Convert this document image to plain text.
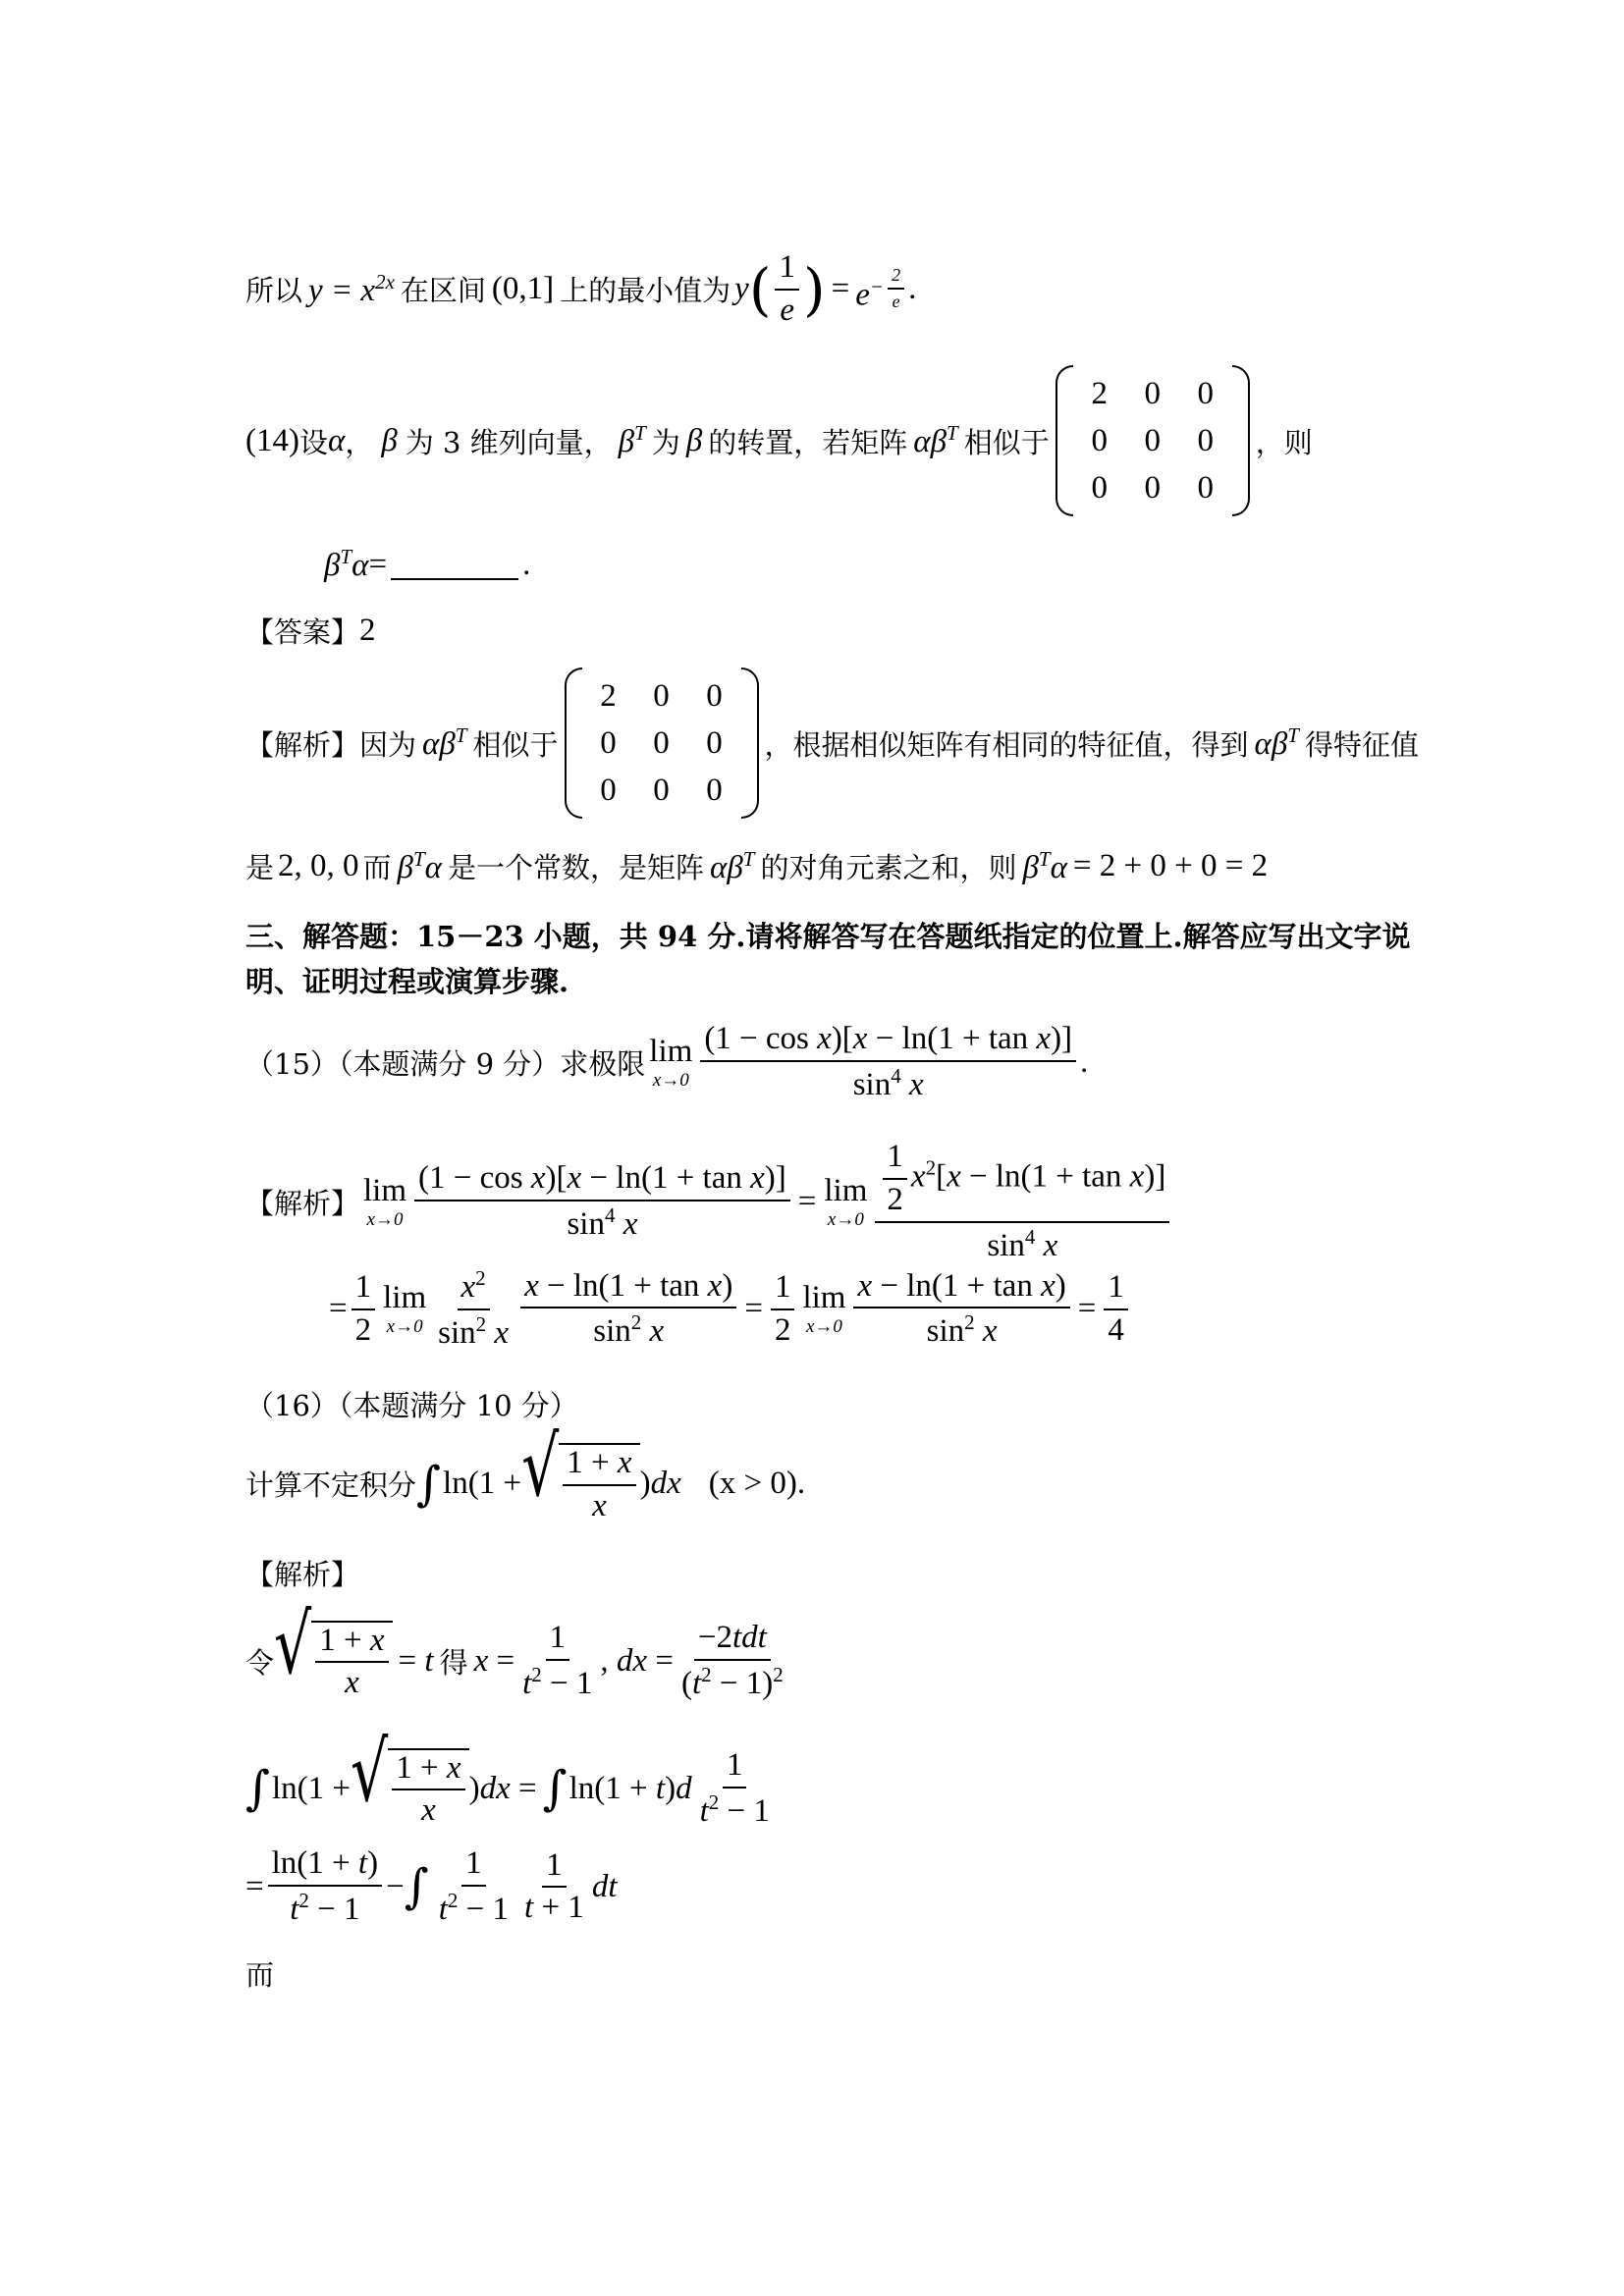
所以 $y = x^{2x}$ 在区间 (0,1] 上的最小值为 y ( $\frac{1}{e}$ ) = $e^{- \frac{2}{e}}$ .
(14) 设 α ， β 为 3 维列向量， $\beta^T$ 为 β 的转置，若矩阵 $\alpha\beta^T$ 相似于
2	0	0
0	0	0
0	0	0
，则
$\beta^T\alpha$ =	.
【答案】 2
【解析】 因为 $\alpha\beta^T$ 相似于
2	0	0
0	0	0
0	0	0
，根据相似矩阵有相同的特征值，得到 $\alpha\beta^T$ 得特征值
是 2, 0, 0 而 $\beta^T\alpha$ 是一个常数，是矩阵 $\alpha\beta^T$ 的对角元素之和，则 $\beta^T\alpha = 2 + 0 + 0 = 2$
三、解答题：15－23 小题，共 94 分.请将解答写在答题纸指定的位置上.解答应写出文字说
明、证明过程或演算步骤.
（15）（本题满分 9 分）求极限 lim
$x\to 0 \frac{\text{(1 − cos x)[x − ln(1 + tan x)]}}{\sin^4 x}$ .
【解析】 lim
$x\to 0 \frac{\text{(1 − cos x)[x − ln(1 + tan x)]}}{\sin^4 x} = \lim$
$x\to 0 \frac{\frac{1}{2} x^2[x - \ln(1 + \tan x)]}{\sin^4 x}$
= $\frac{1}{2}$ lim
$x\to 0 \frac{x^2}{\sin^2 x} \frac{\text{x − ln(1 + tan x)}}{\sin^2 x} = \frac{1}{2}$ lim
$x\to 0 \frac{\text{x − ln(1 + tan x)}}{\sin^2 x} = \frac{1}{4}$
（16）（本题满分 10 分）
计算不定积分 ∫ ln(1 + √ $\frac{1 + x}{x} )dx$ (x > 0) .
【解析】
令 √ $\frac{1 + x}{x} = t$ 得 $x = \frac{1}{t^2 - 1}$ , dx = $\frac{\text{−2tdt}}{(t^2 - 1)^2}$
∫ ln(1 + √ $\frac{1 + x}{x} )dx$ = ∫ $\ln(1 + t)d \frac{1}{t^2 - 1}$
= $\frac{\ln(1 + t)}{t^2 - 1}$ − ∫ $\frac{1}{t^2 - 1} \frac{1}{t + 1}$ dt
而
